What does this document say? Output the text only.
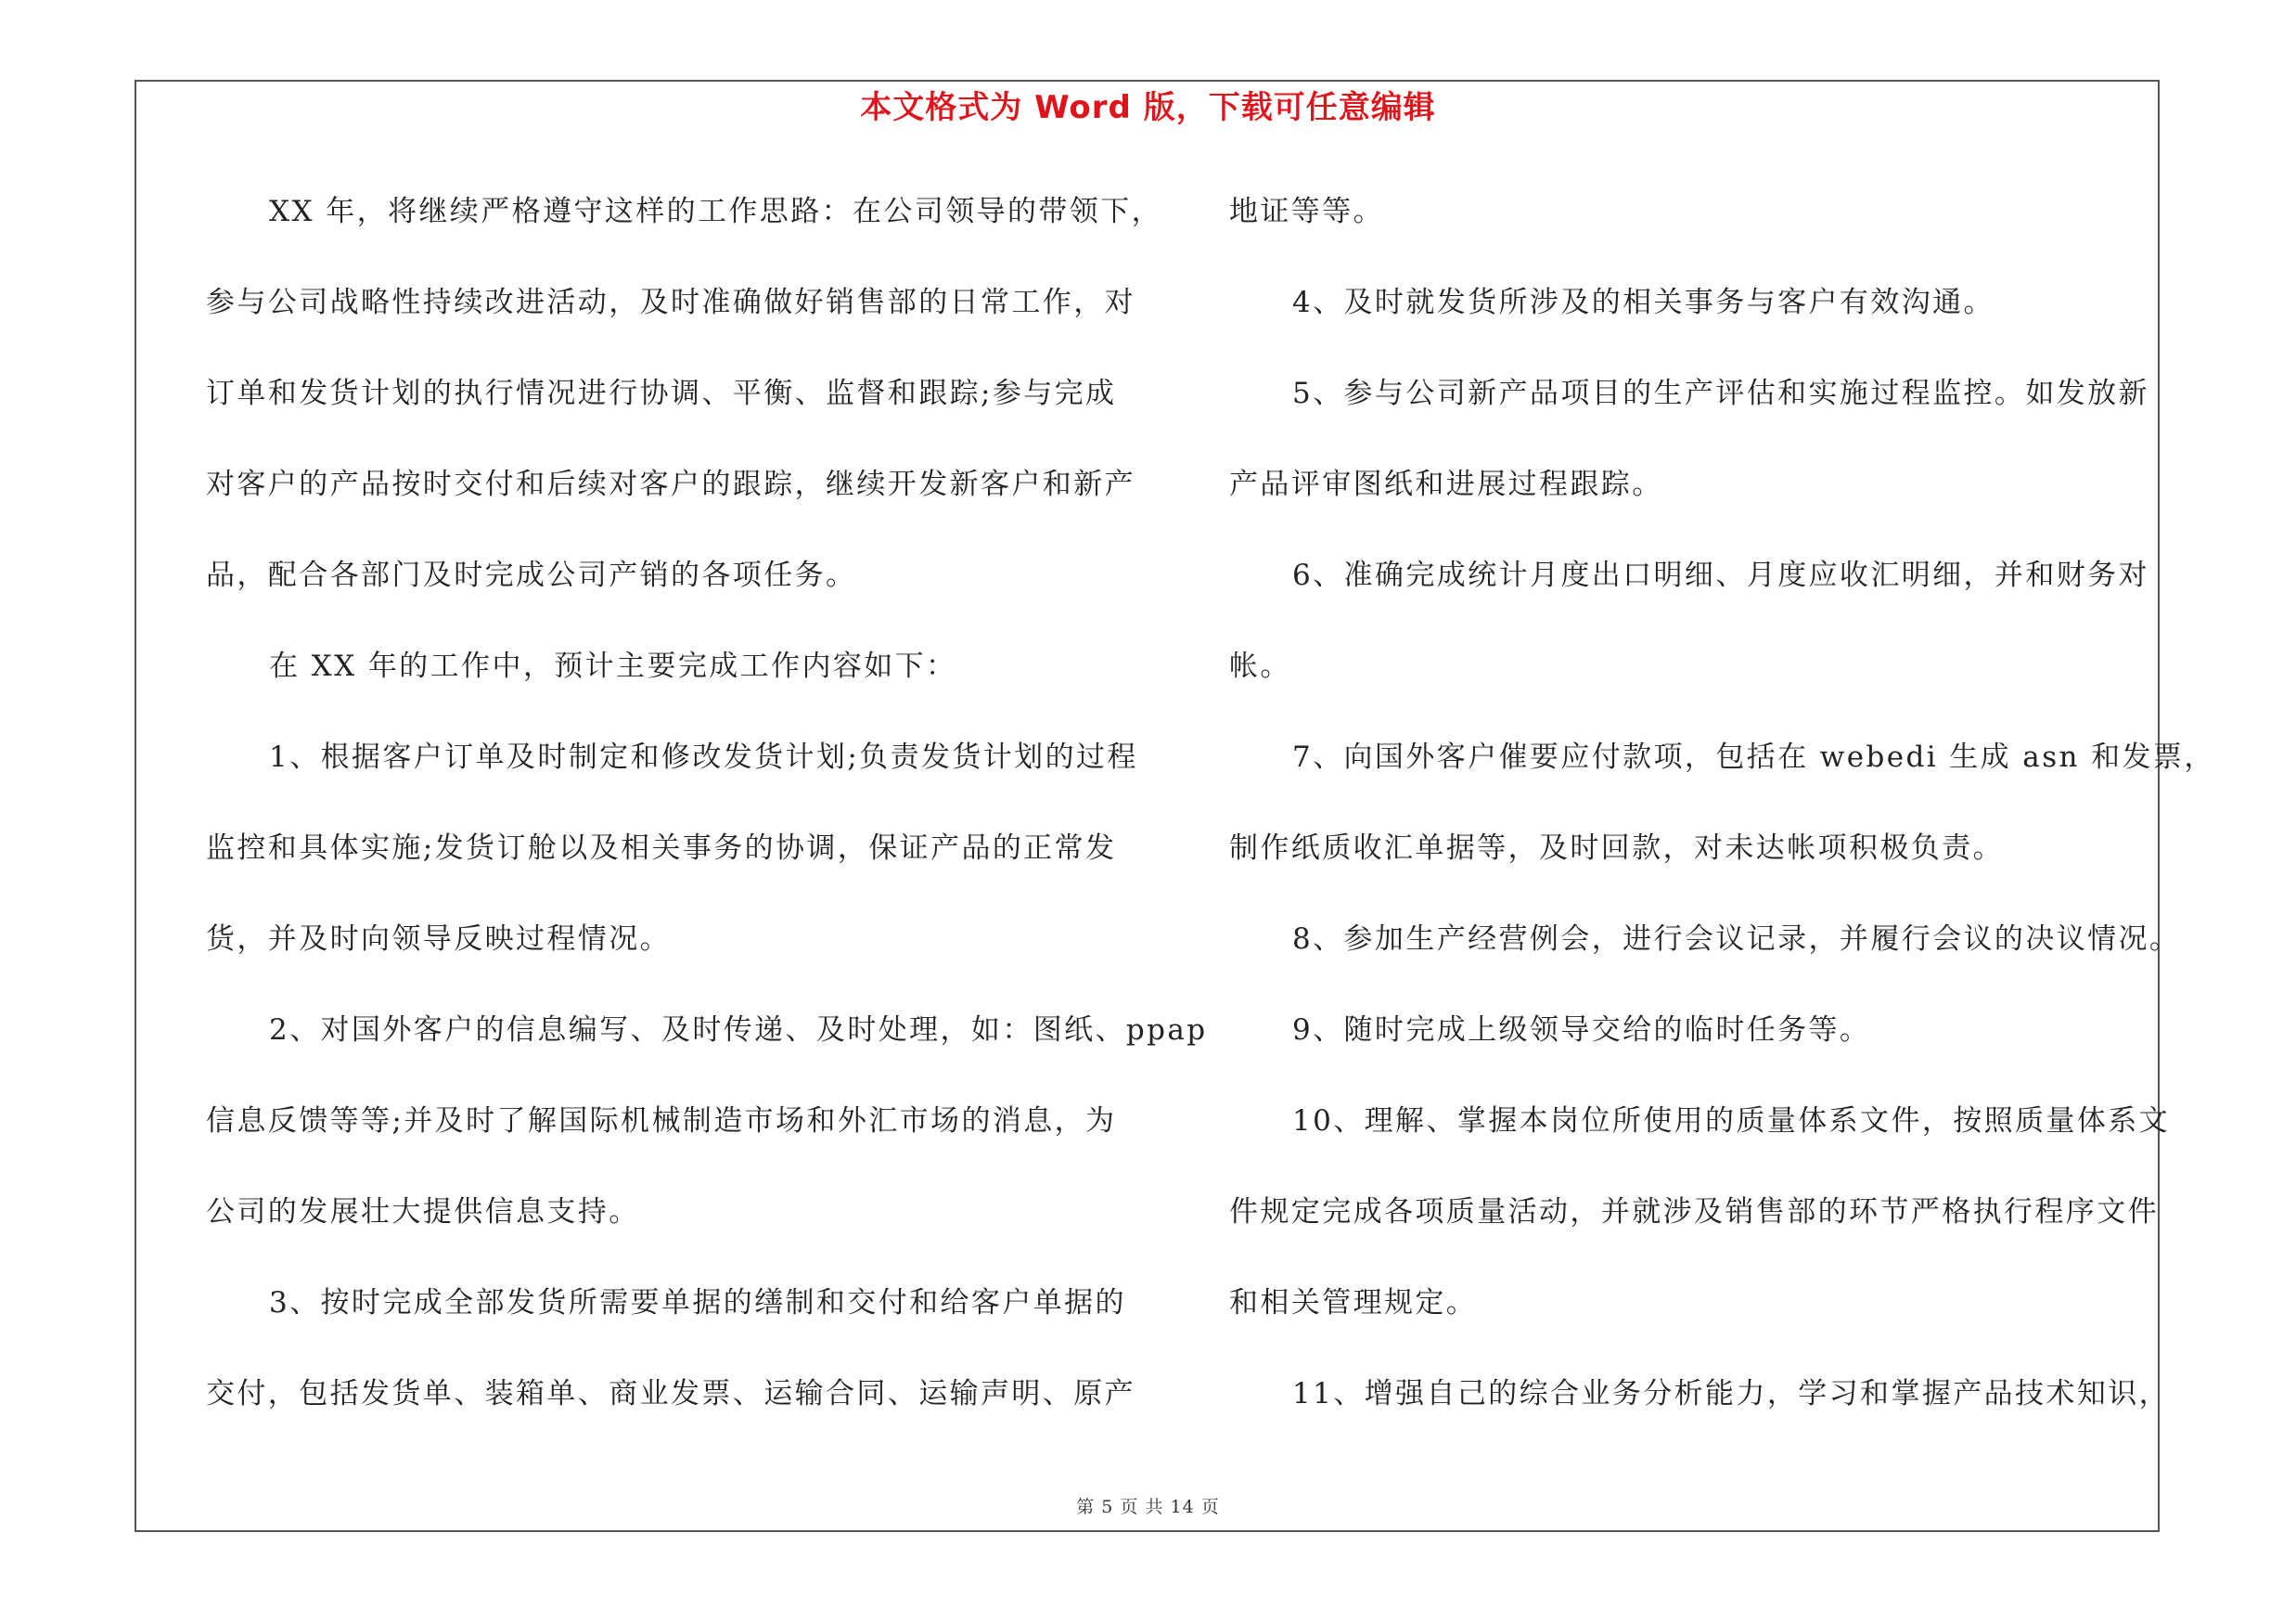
本文格式为 Word 版，下载可任意编辑
XX 年，将继续严格遵守这样的工作思路：在公司领导的带领下，
参与公司战略性持续改进活动，及时准确做好销售部的日常工作，对
订单和发货计划的执行情况进行协调、平衡、监督和跟踪;参与完成
对客户的产品按时交付和后续对客户的跟踪，继续开发新客户和新产
品，配合各部门及时完成公司产销的各项任务。
在 XX 年的工作中，预计主要完成工作内容如下：
1、根据客户订单及时制定和修改发货计划;负责发货计划的过程
监控和具体实施;发货订舱以及相关事务的协调，保证产品的正常发
货，并及时向领导反映过程情况。
2、对国外客户的信息编写、及时传递、及时处理，如：图纸、ppap
信息反馈等等;并及时了解国际机械制造市场和外汇市场的消息，为
公司的发展壮大提供信息支持。
3、按时完成全部发货所需要单据的缮制和交付和给客户单据的
交付，包括发货单、装箱单、商业发票、运输合同、运输声明、原产
地证等等。
4、及时就发货所涉及的相关事务与客户有效沟通。
5、参与公司新产品项目的生产评估和实施过程监控。如发放新
产品评审图纸和进展过程跟踪。
6、准确完成统计月度出口明细、月度应收汇明细，并和财务对
帐。
7、向国外客户催要应付款项，包括在 webedi 生成 asn 和发票，
制作纸质收汇单据等，及时回款，对未达帐项积极负责。
8、参加生产经营例会，进行会议记录，并履行会议的决议情况。
9、随时完成上级领导交给的临时任务等。
10、理解、掌握本岗位所使用的质量体系文件，按照质量体系文
件规定完成各项质量活动，并就涉及销售部的环节严格执行程序文件
和相关管理规定。
11、增强自己的综合业务分析能力，学习和掌握产品技术知识，
第 5 页 共 14 页
